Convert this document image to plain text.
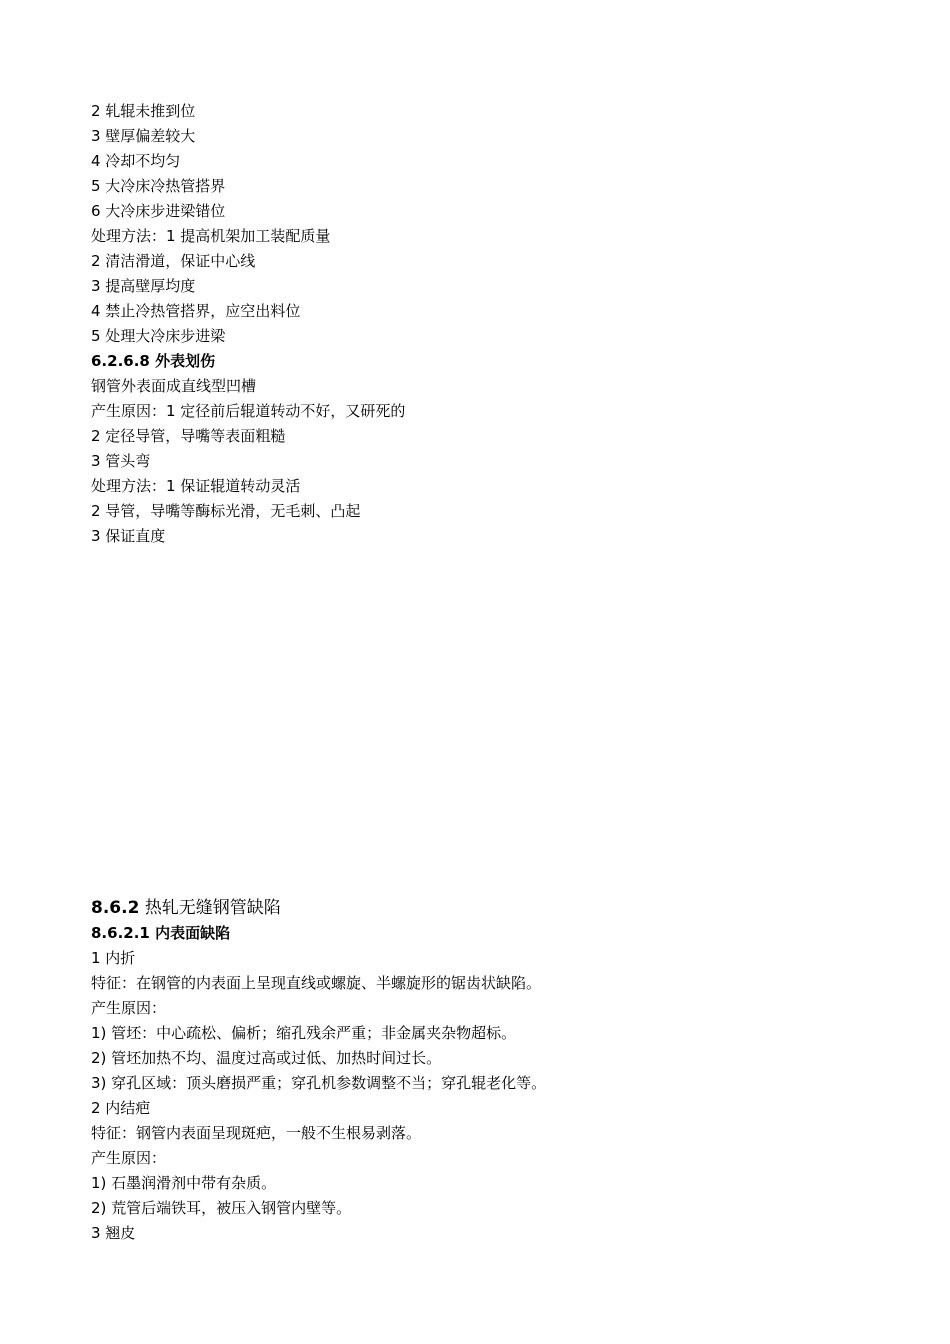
2 轧辊未推到位
3 壁厚偏差较大
4 冷却不均匀
5 大冷床冷热管搭界
6 大冷床步进梁错位
处理方法：1 提高机架加工装配质量
2 清洁滑道，保证中心线
3 提高壁厚均度
4 禁止冷热管搭界，应空出料位
5 处理大冷床步进梁
6.2.6.8 外表划伤
钢管外表面成直线型凹槽
产生原因：1 定径前后辊道转动不好，又研死的
2 定径导管，导嘴等表面粗糙
3 管头弯
处理方法：1 保证辊道转动灵活
2 导管，导嘴等酶标光滑，无毛刺、凸起
3 保证直度
8.6.2 热轧无缝钢管缺陷
8.6.2.1 内表面缺陷
1 内折
特征：在钢管的内表面上呈现直线或螺旋、半螺旋形的锯齿状缺陷。
产生原因：
1) 管坯：中心疏松、偏析；缩孔残余严重；非金属夹杂物超标。
2) 管坯加热不均、温度过高或过低、加热时间过长。
3) 穿孔区域：顶头磨损严重；穿孔机参数调整不当；穿孔辊老化等。
2 内结疤
特征：钢管内表面呈现斑疤，一般不生根易剥落。
产生原因：
1) 石墨润滑剂中带有杂质。
2) 荒管后端铁耳，被压入钢管内壁等。
3 翘皮
